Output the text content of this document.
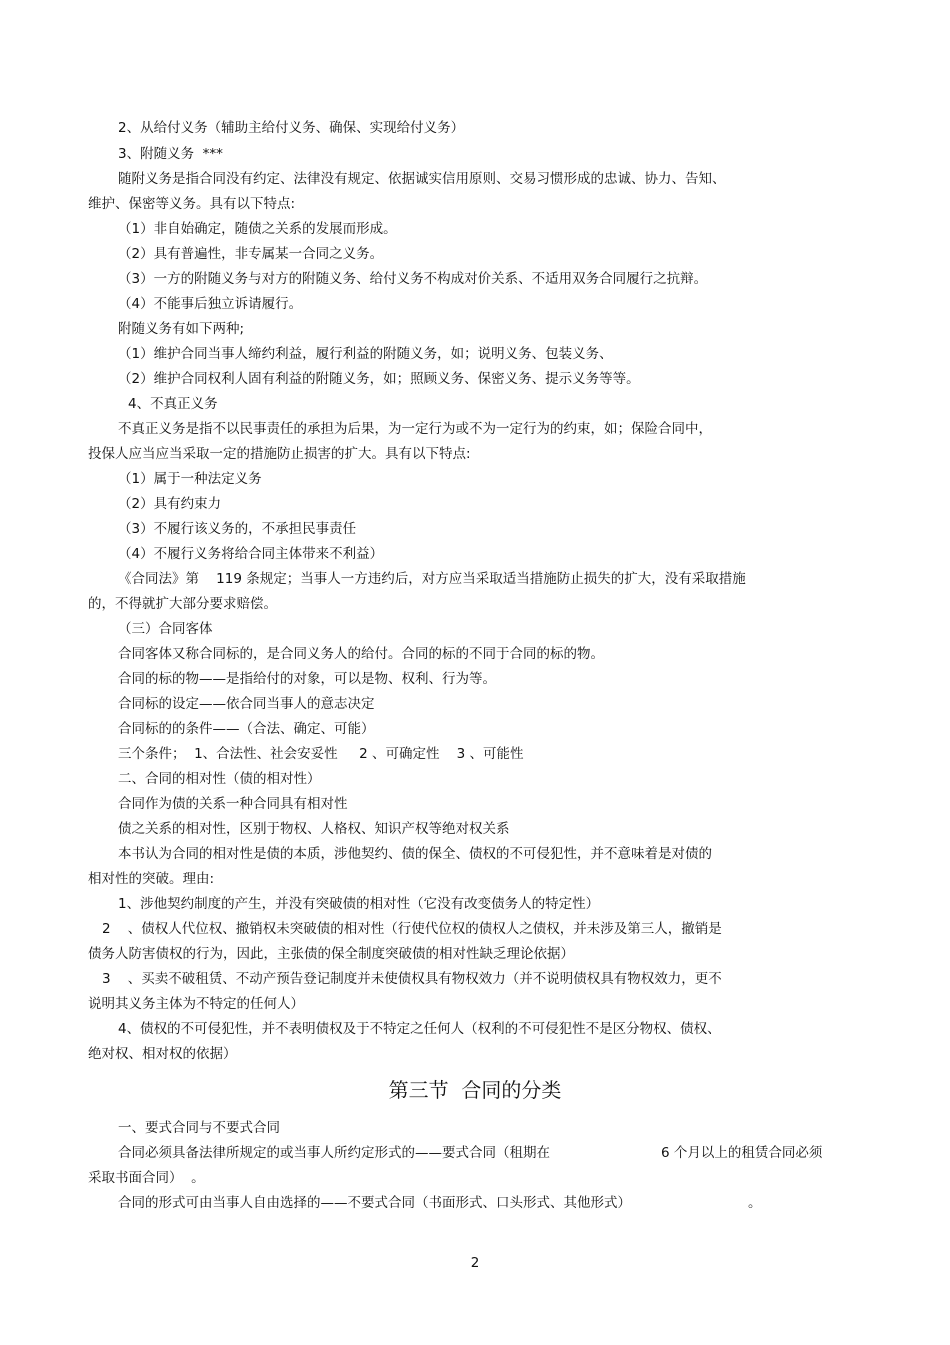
2、从给付义务（辅助主给付义务、确保、实现给付义务）
3、附随义务  ***
随附义务是指合同没有约定、法律没有规定、依据诚实信用原则、交易习惯形成的忠诚、协力、告知、
维护、保密等义务。具有以下特点:
（1）非自始确定，随债之关系的发展而形成。
（2）具有普遍性，非专属某一合同之义务。
（3）一方的附随义务与对方的附随义务、给付义务不构成对价关系、不适用双务合同履行之抗辩。
（4）不能事后独立诉请履行。
附随义务有如下两种;
（1）维护合同当事人缔约利益，履行利益的附随义务，如；说明义务、包装义务、
（2）维护合同权利人固有利益的附随义务，如；照顾义务、保密义务、提示义务等等。
4、不真正义务
不真正义务是指不以民事责任的承担为后果，为一定行为或不为一定行为的约束，如；保险合同中，
投保人应当应当采取一定的措施防止损害的扩大。具有以下特点:
（1）属于一种法定义务
（2）具有约束力
（3）不履行该义务的，不承担民事责任
（4）不履行义务将给合同主体带来不利益）
《合同法》第    119 条规定；当事人一方违约后，对方应当采取适当措施防止损失的扩大，没有采取措施
的，不得就扩大部分要求赔偿。
（三）合同客体
合同客体又称合同标的，是合同义务人的给付。合同的标的不同于合同的标的物。
合同的标的物——是指给付的对象，可以是物、权利、行为等。
合同标的设定——依合同当事人的意志决定
合同标的的条件——（合法、确定、可能）
三个条件；  1、合法性、社会安妥性     2 、可确定性    3 、可能性
二、合同的相对性（债的相对性）
合同作为债的关系一种合同具有相对性
债之关系的相对性，区别于物权、人格权、知识产权等绝对权关系
本书认为合同的相对性是债的本质，涉他契约、债的保全、债权的不可侵犯性，并不意味着是对债的
相对性的突破。理由:
1、涉他契约制度的产生，并没有突破债的相对性（它没有改变债务人的特定性）
2    、债权人代位权、撤销权未突破债的相对性（行使代位权的债权人之债权，并未涉及第三人，撤销是
债务人防害债权的行为，因此，主张债的保全制度突破债的相对性缺乏理论依据）
3    、买卖不破租赁、不动产预告登记制度并未使债权具有物权效力（并不说明债权具有物权效力，更不
说明其义务主体为不特定的任何人）
4、债权的不可侵犯性，并不表明债权及于不特定之任何人（权利的不可侵犯性不是区分物权、债权、
绝对权、相对权的依据）
第三节  合同的分类
一、要式合同与不要式合同
合同必须具备法律所规定的或当事人所约定形式的——要式合同（租期在	6 个月以上的租赁合同必须
采取书面合同）  。
合同的形式可由当事人自由选择的——不要式合同（书面形式、口头形式、其他形式）	。
2
